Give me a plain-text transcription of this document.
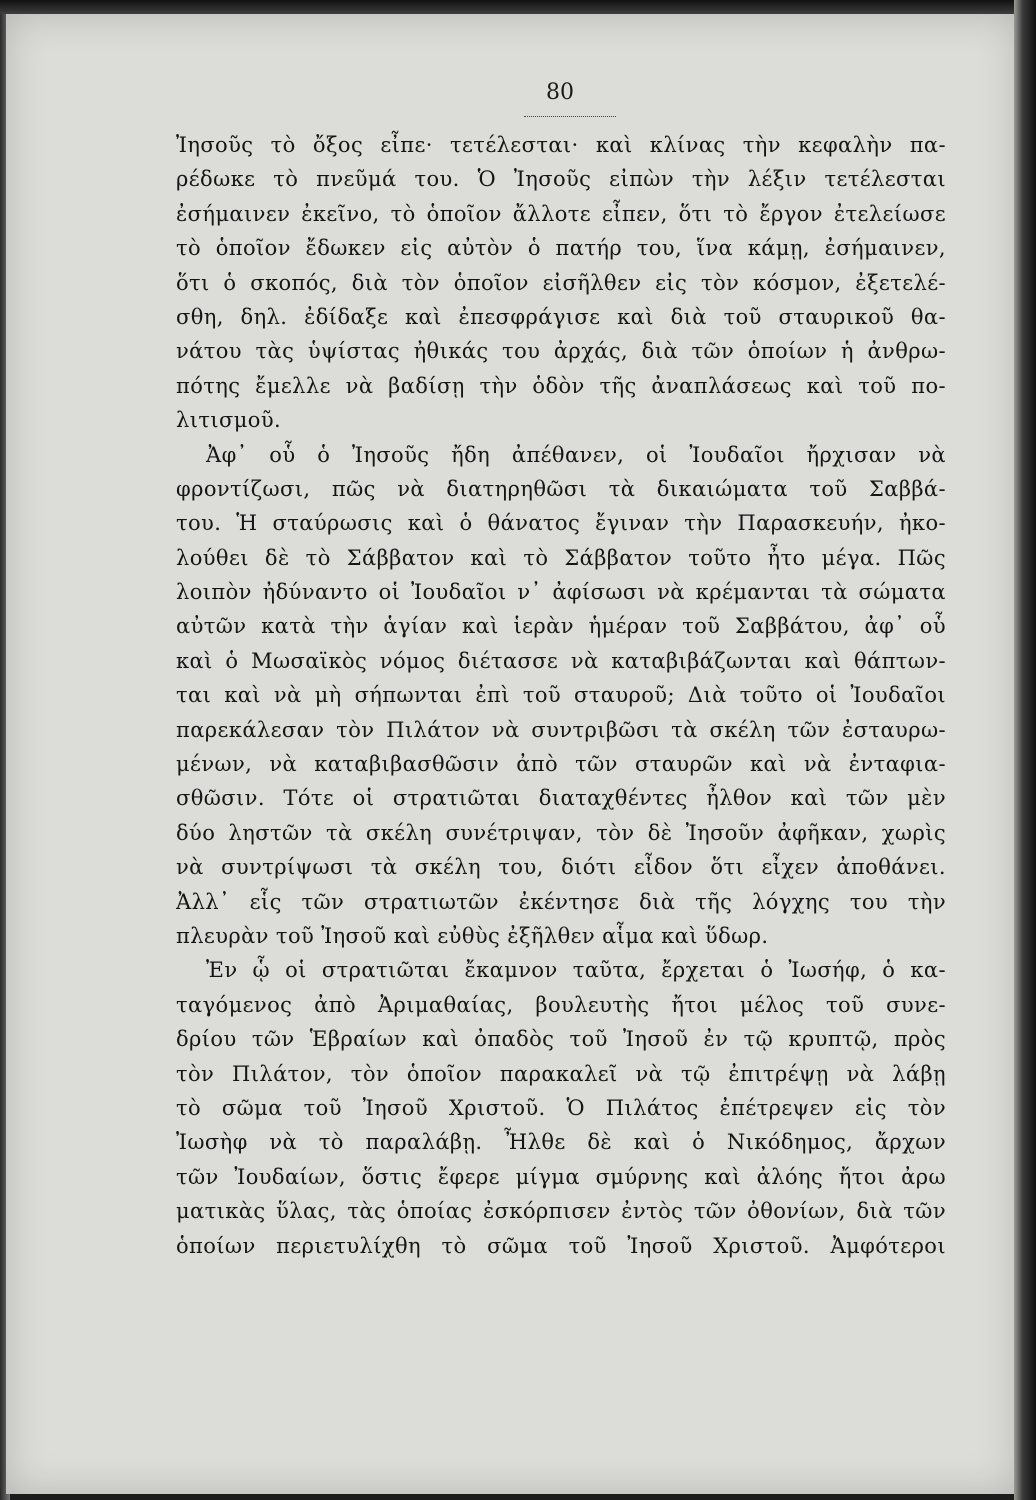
80
Ἰησοῦς τὸ ὄξος εἶπε· τετέλεσται· καὶ κλίνας τὴν κεφαλὴν πα-
ρέδωκε τὸ πνεῦμά του. Ὁ Ἰησοῦς εἰπὼν τὴν λέξιν τετέλεσται
ἐσήμαινεν ἐκεῖνο, τὸ ὁποῖον ἄλλοτε εἶπεν, ὅτι τὸ ἔργον ἐτελείωσε
τὸ ὁποῖον ἔδωκεν εἰς αὐτὸν ὁ πατήρ του, ἵνα κάμῃ, ἐσήμαινεν,
ὅτι ὁ σκοπός, διὰ τὸν ὁποῖον εἰσῆλθεν εἰς τὸν κόσμον, ἐξετελέ-
σθη, δηλ. ἐδίδαξε καὶ ἐπεσφράγισε καὶ διὰ τοῦ σταυρικοῦ θα-
νάτου τὰς ὑψίστας ἠθικάς του ἀρχάς, διὰ τῶν ὁποίων ἡ ἀνθρω-
πότης ἔμελλε νὰ βαδίσῃ τὴν ὁδὸν τῆς ἀναπλάσεως καὶ τοῦ πο-
λιτισμοῦ.
Ἀφ᾽ οὗ ὁ Ἰησοῦς ἤδη ἀπέθανεν, οἱ Ἰουδαῖοι ἤρχισαν νὰ
φροντίζωσι, πῶς νὰ διατηρηθῶσι τὰ δικαιώματα τοῦ Σαββά-
του. Ἡ σταύρωσις καὶ ὁ θάνατος ἔγιναν τὴν Παρασκευήν, ἠκο-
λούθει δὲ τὸ Σάββατον καὶ τὸ Σάββατον τοῦτο ἦτο μέγα. Πῶς
λοιπὸν ἠδύναντο οἱ Ἰουδαῖοι ν᾽ ἀφίσωσι νὰ κρέμανται τὰ σώματα
αὐτῶν κατὰ τὴν ἁγίαν καὶ ἱερὰν ἡμέραν τοῦ Σαββάτου, ἀφ᾽ οὗ
καὶ ὁ Μωσαϊκὸς νόμος διέτασσε νὰ καταβιβάζωνται καὶ θάπτων-
ται καὶ νὰ μὴ σήπωνται ἐπὶ τοῦ σταυροῦ; Διὰ τοῦτο οἱ Ἰουδαῖοι
παρεκάλεσαν τὸν Πιλάτον νὰ συντριβῶσι τὰ σκέλη τῶν ἐσταυρω-
μένων, νὰ καταβιβασθῶσιν ἀπὸ τῶν σταυρῶν καὶ νὰ ἐνταφια-
σθῶσιν. Τότε οἱ στρατιῶται διαταχθέντες ἦλθον καὶ τῶν μὲν
δύο ληστῶν τὰ σκέλη συνέτριψαν, τὸν δὲ Ἰησοῦν ἀφῆκαν, χωρὶς
νὰ συντρίψωσι τὰ σκέλη του, διότι εἶδον ὅτι εἶχεν ἀποθάνει.
Ἀλλ᾽ εἷς τῶν στρατιωτῶν ἐκέντησε διὰ τῆς λόγχης του τὴν
πλευρὰν τοῦ Ἰησοῦ καὶ εὐθὺς ἐξῆλθεν αἷμα καὶ ὕδωρ.
Ἐν ᾧ οἱ στρατιῶται ἔκαμνον ταῦτα, ἔρχεται ὁ Ἰωσήφ, ὁ κα-
ταγόμενος ἀπὸ Ἀριμαθαίας, βουλευτὴς ἤτοι μέλος τοῦ συνε-
δρίου τῶν Ἑβραίων καὶ ὀπαδὸς τοῦ Ἰησοῦ ἐν τῷ κρυπτῷ, πρὸς
τὸν Πιλάτον, τὸν ὁποῖον παρακαλεῖ νὰ τῷ ἐπιτρέψῃ νὰ λάβῃ
τὸ σῶμα τοῦ Ἰησοῦ Χριστοῦ. Ὁ Πιλάτος ἐπέτρεψεν εἰς τὸν
Ἰωσὴφ νὰ τὸ παραλάβῃ. Ἦλθε δὲ καὶ ὁ Νικόδημος, ἄρχων
τῶν Ἰουδαίων, ὅστις ἔφερε μίγμα σμύρνης καὶ ἀλόης ἤτοι ἀρω
ματικὰς ὕλας, τὰς ὁποίας ἐσκόρπισεν ἐντὸς τῶν ὀθονίων, διὰ τῶν
ὁποίων περιετυλίχθη τὸ σῶμα τοῦ Ἰησοῦ Χριστοῦ. Ἀμφότεροι
